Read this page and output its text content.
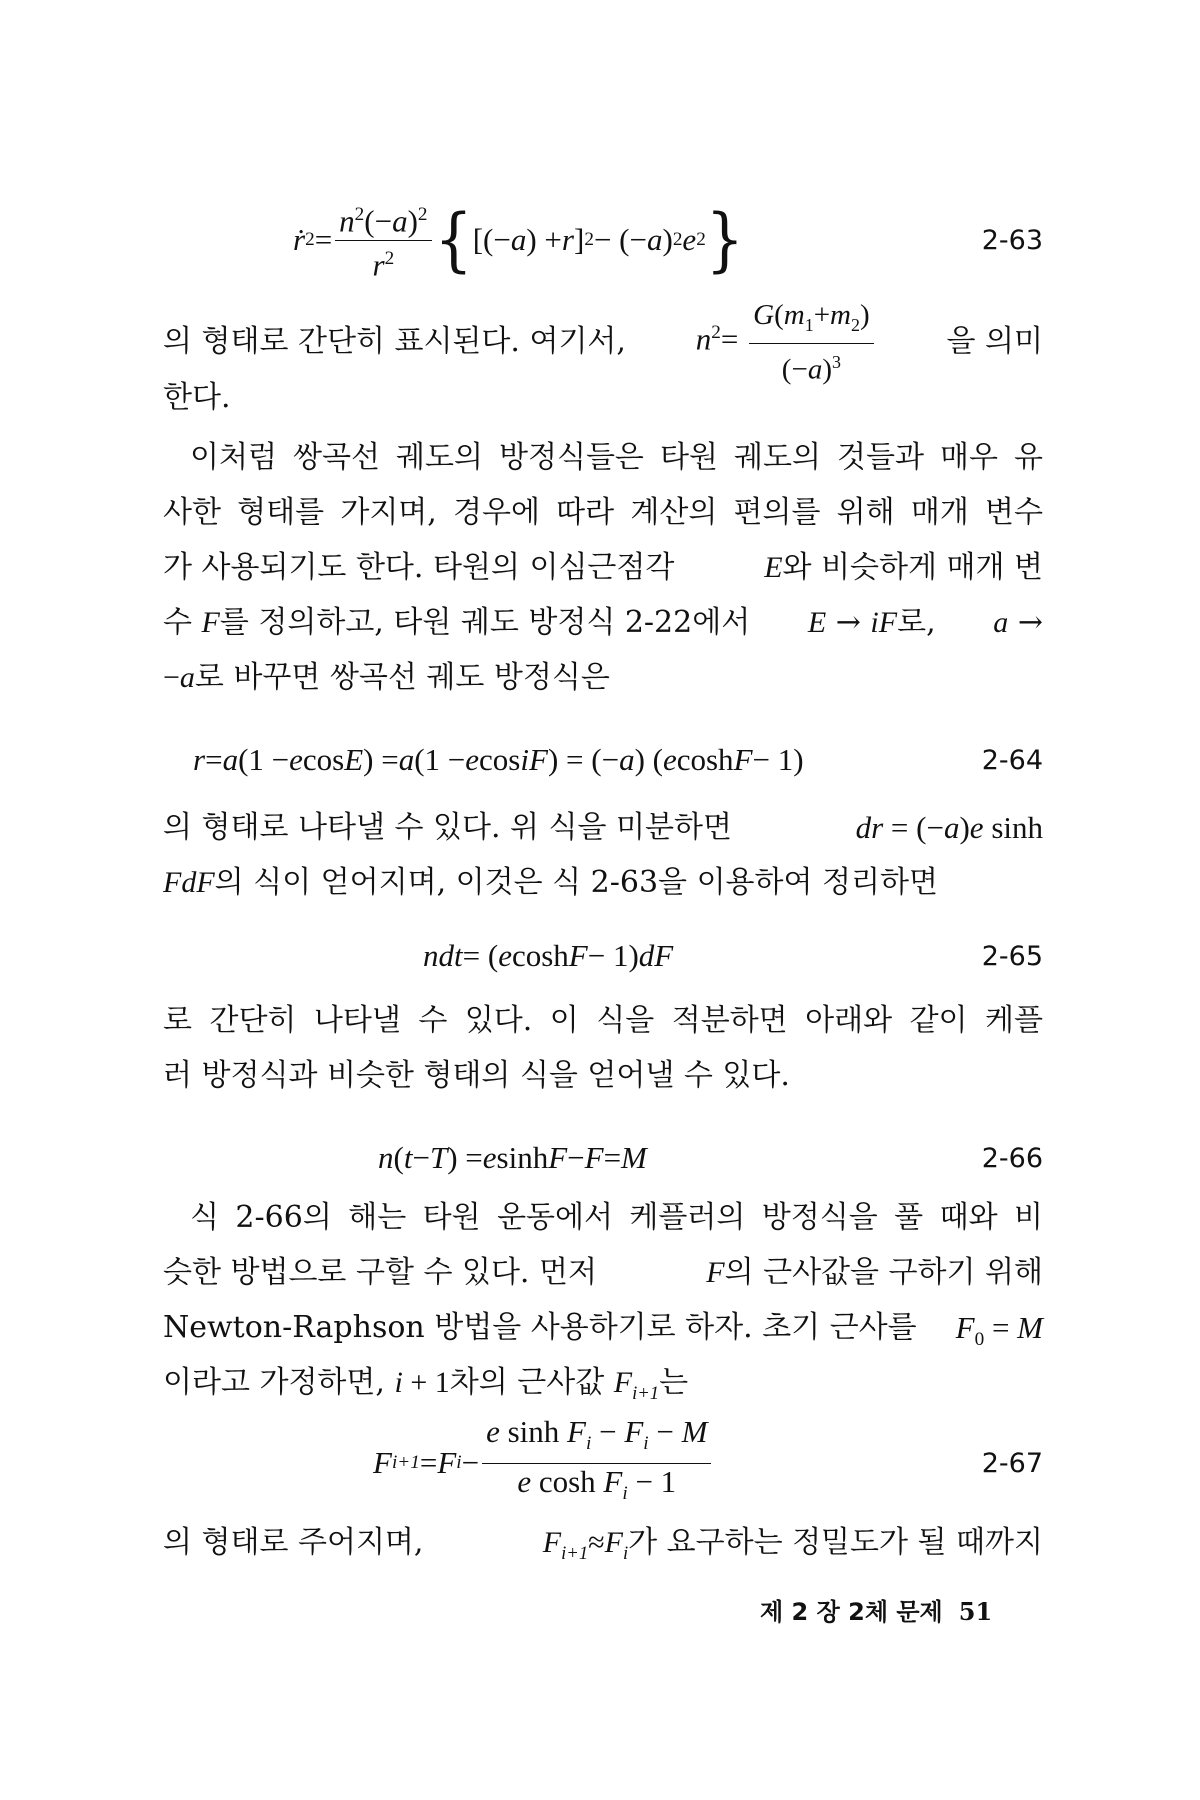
ṙ $2 = \frac{n^2(-a)^2}{r^2}$ { [(− a ) + r ] 2 − (− a ) 2 e 2 }	2-63
의 형태로 간단히 표시된다. 여기서, $n^2= \frac{G(m_1+m_2)}{(-a)^3}$ 을 의미
한다.
이처럼 쌍곡선 궤도의 방정식들은 타원 궤도의 것들과 매우 유
사한 형태를 가지며, 경우에 따라 계산의 편의를 위해 매개 변수
가 사용되기도 한다. 타원의 이심근점각	E와 비슷하게 매개 변
수 F를 정의하고, 타원 궤도 방정식 2-22에서 E → iF로, a →
−a로 바꾸면 쌍곡선 궤도 방정식은
r = a (1 − e cos E ) = a (1 − e cos iF ) = (− a ) ( e cosh F − 1)	2-64
의 형태로 나타낼 수 있다. 위 식을 미분하면	dr = (−a)e sinh
FdF의 식이 얻어지며, 이것은 식 2-63을 이용하여 정리하면
ndt = ( e cosh F − 1) dF	2-65
로 간단히 나타낼 수 있다. 이 식을 적분하면 아래와 같이 케플
러 방정식과 비슷한 형태의 식을 얻어낼 수 있다.
n ( t − T ) = e sinh F − F = M	2-66
식 2-66의 해는 타원 운동에서 케플러의 방정식을 풀 때와 비
슷한 방법으로 구할 수 있다. 먼저	F의 근사값을 구하기 위해
Newton-Raphson 방법을 사용하기로 하자. 초기 근사를 $F_0 = M$
이라고 가정하면, i + 1차의 근사값 $F_{i+1}$는
F i+1 = F $i - \frac{e \sinh F_i - F_i - M}{e \cosh F_i - 1}$	2-67
의 형태로 주어지며,	$F_{i+1}\approx F_i$가 요구하는 정밀도가 될 때까지
제 2 장 2체 문제 51
